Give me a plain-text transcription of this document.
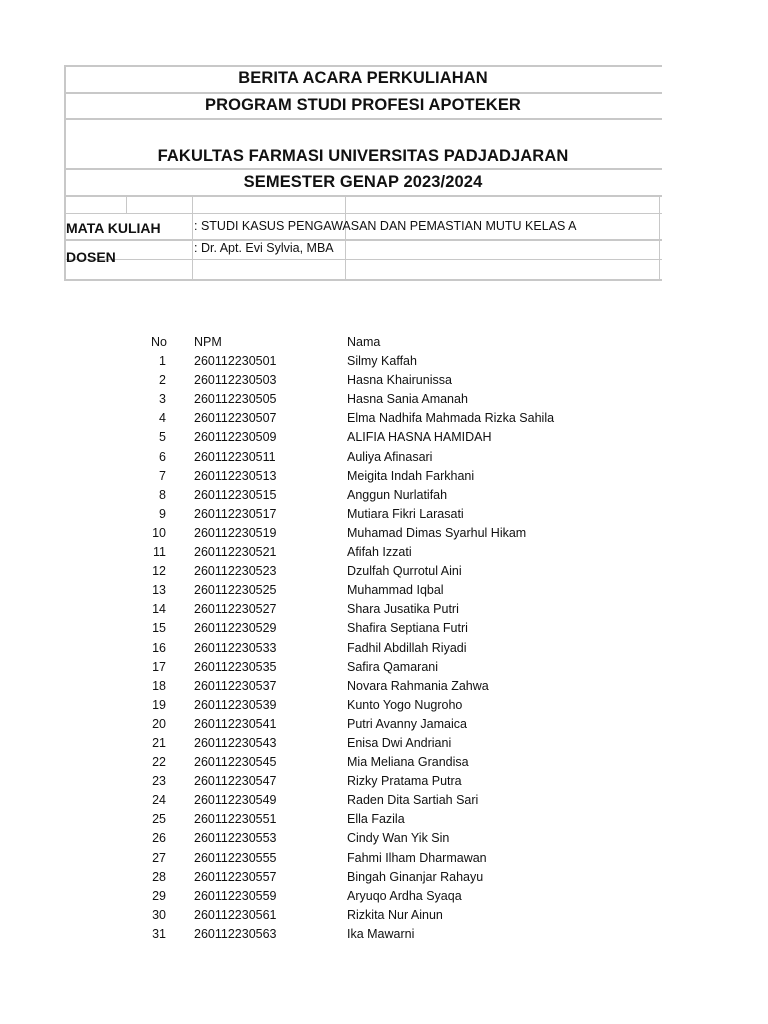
BERITA ACARA PERKULIAHAN
PROGRAM STUDI PROFESI APOTEKER
FAKULTAS FARMASI UNIVERSITAS PADJADJARAN
SEMESTER GENAP 2023/2024
MATA KULIAH	: STUDI KASUS PENGAWASAN DAN PEMASTIAN MUTU KELAS A
DOSEN
: Dr. Apt. Evi Sylvia, MBA
No NPM	Nama
1 260112230501	Silmy Kaffah
2 260112230503	Hasna Khairunissa
3 260112230505	Hasna Sania Amanah
4 260112230507	Elma Nadhifa Mahmada Rizka Sahila
5 260112230509	ALIFIA HASNA HAMIDAH
6 260112230511	Auliya Afinasari
7 260112230513	Meigita Indah Farkhani
8 260112230515	Anggun Nurlatifah
9 260112230517	Mutiara Fikri Larasati
10 260112230519	Muhamad Dimas Syarhul Hikam
11 260112230521	Afifah Izzati
12 260112230523	Dzulfah Qurrotul Aini
13 260112230525	Muhammad Iqbal
14 260112230527	Shara Jusatika Putri
15 260112230529	Shafira Septiana Futri
16 260112230533	Fadhil Abdillah Riyadi
17 260112230535	Safira Qamarani
18 260112230537	Novara Rahmania Zahwa
19 260112230539	Kunto Yogo Nugroho
20 260112230541	Putri Avanny Jamaica
21 260112230543	Enisa Dwi Andriani
22 260112230545	Mia Meliana Grandisa
23 260112230547	Rizky Pratama Putra
24 260112230549	Raden Dita Sartiah Sari
25 260112230551	Ella Fazila
26 260112230553	Cindy Wan Yik Sin
27 260112230555	Fahmi Ilham Dharmawan
28 260112230557	Bingah Ginanjar Rahayu
29 260112230559	Aryuqo Ardha Syaqa
30 260112230561	Rizkita Nur Ainun
31 260112230563	Ika Mawarni
